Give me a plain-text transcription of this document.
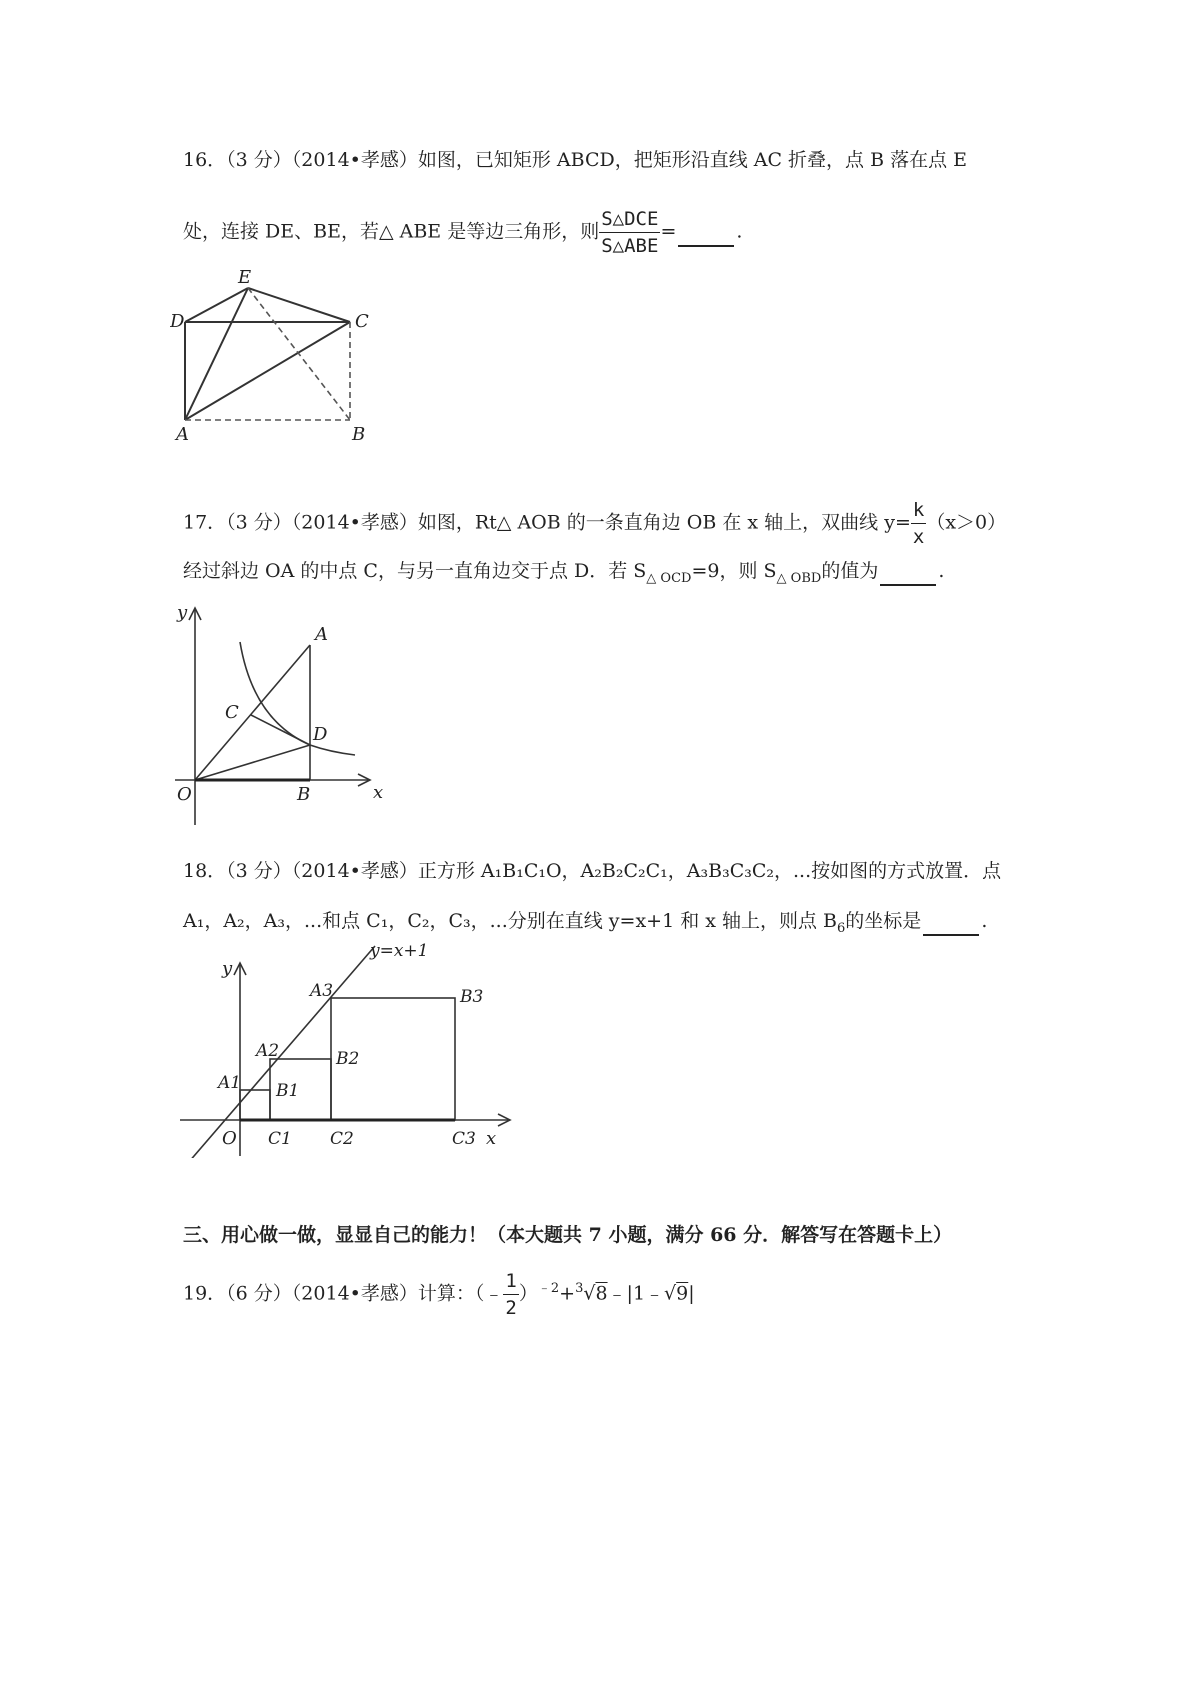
16．（3 分）（2014•孝感）如图，已知矩形 ABCD，把矩形沿直线 AC 折叠，点 B 落在点 E
处，连接 DE、BE，若△ ABE 是等边三角形，则 $\frac{\text{S△DCE}}{\text{S△ABE}}$ =	.
E
D	C
A	B
17．（3 分）（2014•孝感）如图，Rt△ AOB 的一条直角边 OB 在 x 轴上，双曲线 $y= \frac{k}{x} (x>0)$
经过斜边 OA 的中点 C，与另一直角边交于点 D．若 $S_{\triangle OCD}=9$，则 $S_{\triangle OBD}$的值为	.
y
A
C
D
O	B	x
18．（3 分）（2014•孝感）正方形 A₁B₁C₁O，A₂B₂C₂C₁，A₃B₃C₃C₂，...按如图的方式放置．点
A₁，A₂，A₃，...和点 C₁，C₂，C₃，...分别在直线 y=x+1 和 x 轴上，则点 $B_6$的坐标是	.
y=x+1
y
A3	B3
A2	B2
A1 B1
O C1 C2	C3 x
三、用心做一做，显显自己的能力！（本大题共 7 小题，满分 66 分．解答写在答题卡上）
19．（6 分）（2014•孝感）计算：（﹣ $\frac{1}{2}$ ）$^{﹣2}$+$^3$√8﹣|1﹣√9|
